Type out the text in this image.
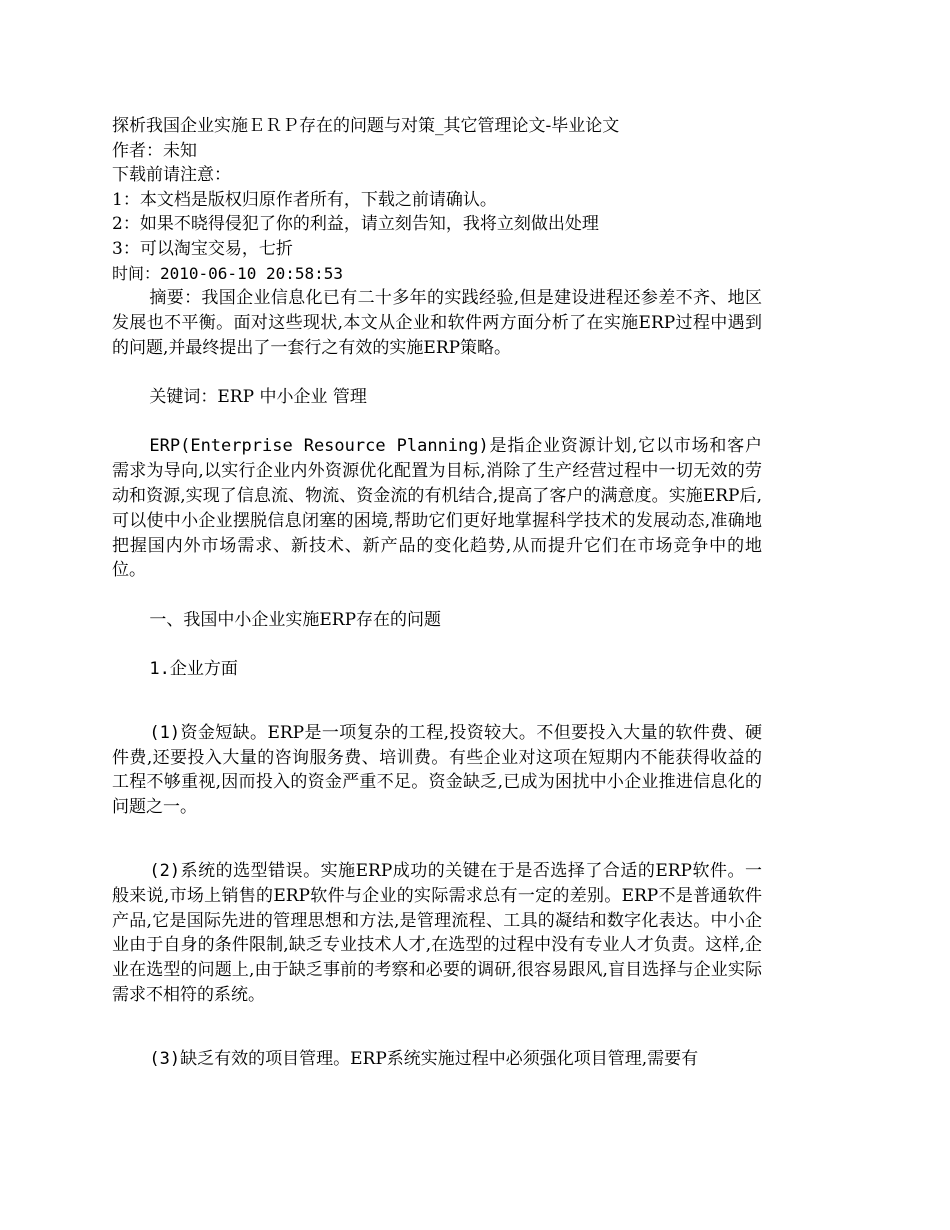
探析我国企业实施ＥＲＰ存在的问题与对策_其它管理论文-毕业论文
作者：未知
下载前请注意：
1：本文档是版权归原作者所有，下载之前请确认。
2：如果不晓得侵犯了你的利益，请立刻告知，我将立刻做出处理
3：可以淘宝交易，七折
时间：2010-06-10 20:58:53

摘要：我国企业信息化已有二十多年的实践经验,但是建设进程还参差不齐、地区发展也不平衡。面对这些现状,本文从企业和软件两方面分析了在实施ERP过程中遇到的问题,并最终提出了一套行之有效的实施ERP策略。

关键词：ERP 中小企业 管理

ERP(Enterprise Resource Planning)是指企业资源计划,它以市场和客户需求为导向,以实行企业内外资源优化配置为目标,消除了生产经营过程中一切无效的劳动和资源,实现了信息流、物流、资金流的有机结合,提高了客户的满意度。实施ERP后,可以使中小企业摆脱信息闭塞的困境,帮助它们更好地掌握科学技术的发展动态,准确地把握国内外市场需求、新技术、新产品的变化趋势,从而提升它们在市场竞争中的地位。

一、我国中小企业实施ERP存在的问题

1.企业方面

(1)资金短缺。ERP是一项复杂的工程,投资较大。不但要投入大量的软件费、硬件费,还要投入大量的咨询服务费、培训费。有些企业对这项在短期内不能获得收益的工程不够重视,因而投入的资金严重不足。资金缺乏,已成为困扰中小企业推进信息化的问题之一。

(2)系统的选型错误。实施ERP成功的关键在于是否选择了合适的ERP软件。一般来说,市场上销售的ERP软件与企业的实际需求总有一定的差别。ERP不是普通软件产品,它是国际先进的管理思想和方法,是管理流程、工具的凝结和数字化表达。中小企业由于自身的条件限制,缺乏专业技术人才,在选型的过程中没有专业人才负责。这样,企业在选型的问题上,由于缺乏事前的考察和必要的调研,很容易跟风,盲目选择与企业实际需求不相符的系统。

(3)缺乏有效的项目管理。ERP系统实施过程中必须强化项目管理,需要有
